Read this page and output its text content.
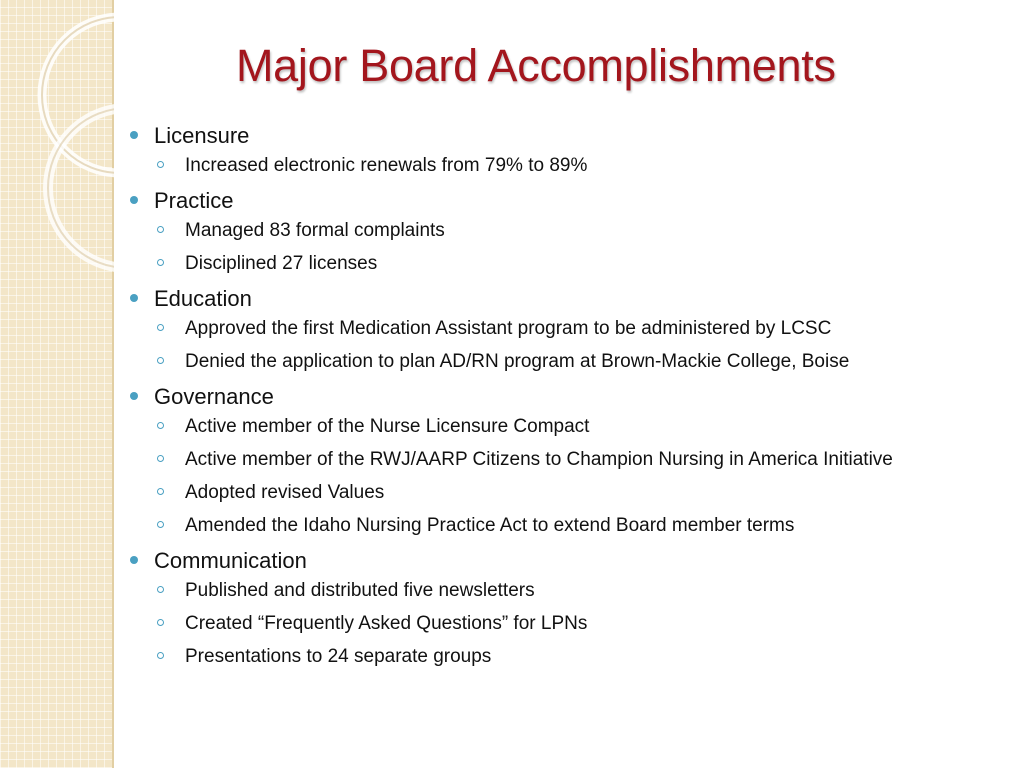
Major Board Accomplishments
Licensure
Increased electronic renewals from 79% to 89%
Practice
Managed 83 formal complaints
Disciplined 27 licenses
Education
Approved the first Medication Assistant program to be administered by LCSC
Denied the application to plan AD/RN program at Brown-Mackie College, Boise
Governance
Active member of the Nurse Licensure Compact
Active member of the RWJ/AARP Citizens to Champion Nursing in America Initiative
Adopted revised Values
Amended the Idaho Nursing Practice Act to extend Board member terms
Communication
Published and distributed five newsletters
Created “Frequently Asked Questions” for LPNs
Presentations to 24 separate groups
